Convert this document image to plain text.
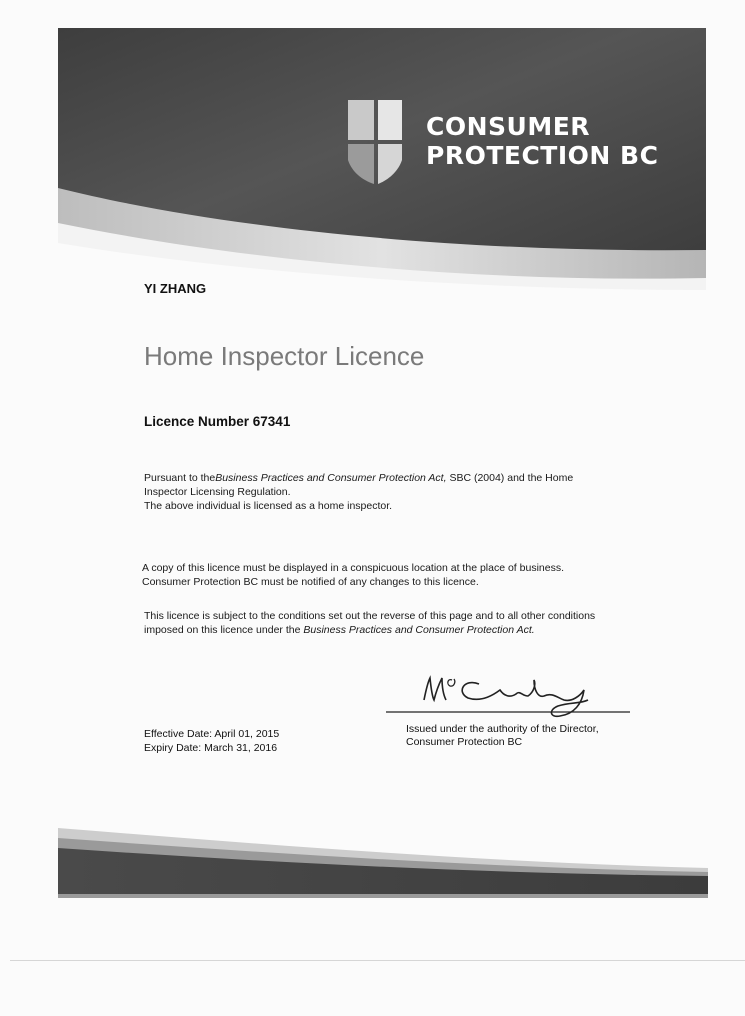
CONSUMER
PROTECTION BC
YI ZHANG
Home Inspector Licence
Licence Number 67341
Pursuant to theBusiness Practices and Consumer Protection Act, SBC (2004) and the Home
Inspector Licensing Regulation.
The above individual is licensed as a home inspector.
A copy of this licence must be displayed in a conspicuous location at the place of business.
Consumer Protection BC must be notified of any changes to this licence.
This licence is subject to the conditions set out the reverse of this page and to all other conditions
imposed on this licence under the Business Practices and Consumer Protection Act.
Effective Date: April 01, 2015
Expiry Date: March 31, 2016
Issued under the authority of the Director,
Consumer Protection BC
